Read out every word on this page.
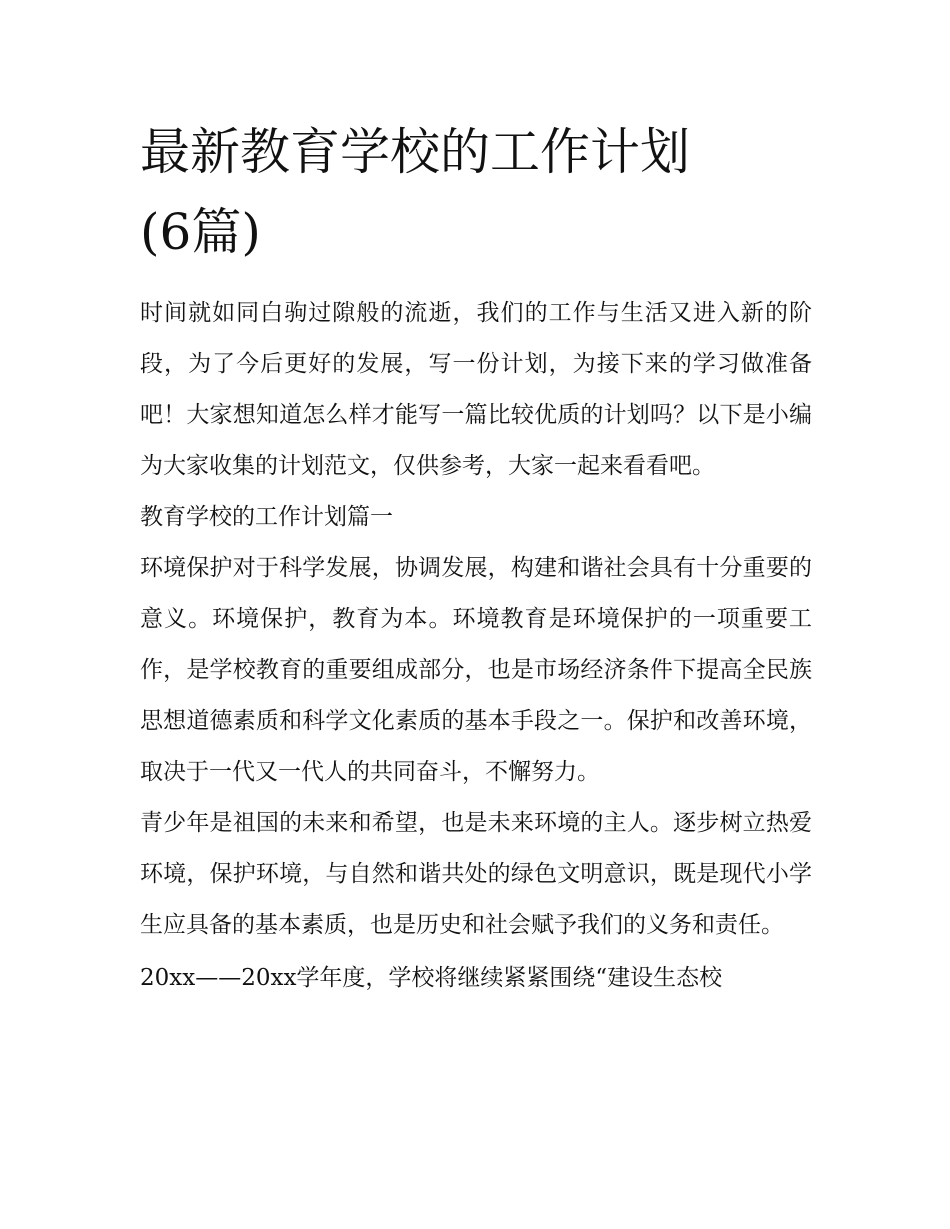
最新教育学校的工作计划(6篇)

时间就如同白驹过隙般的流逝，我们的工作与生活又进入新的阶段，为了今后更好的发展，写一份计划，为接下来的学习做准备吧！大家想知道怎么样才能写一篇比较优质的计划吗？以下是小编为大家收集的计划范文，仅供参考，大家一起来看看吧。

教育学校的工作计划篇一

环境保护对于科学发展，协调发展，构建和谐社会具有十分重要的意义。环境保护，教育为本。环境教育是环境保护的一项重要工作，是学校教育的重要组成部分，也是市场经济条件下提高全民族思想道德素质和科学文化素质的基本手段之一。保护和改善环境，取决于一代又一代人的共同奋斗，不懈努力。

青少年是祖国的未来和希望，也是未来环境的主人。逐步树立热爱环境，保护环境，与自然和谐共处的绿色文明意识，既是现代小学生应具备的基本素质，也是历史和社会赋予我们的义务和责任。

20xx——20xx学年度，学校将继续紧紧围绕“建设生态校
